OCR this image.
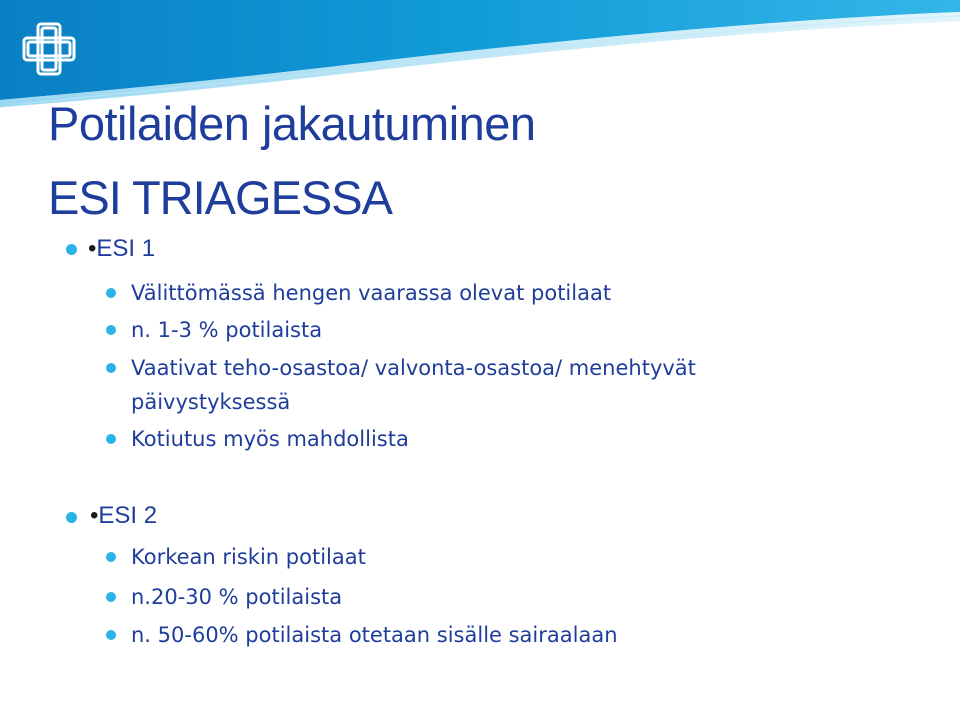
Potilaiden jakautuminen
ESI TRIAGESSA
•ESI 1
Välittömässä hengen vaarassa olevat potilaat
n. 1-3 % potilaista
Vaativat teho-osastoa/ valvonta-osastoa/ menehtyvät
päivystyksessä
Kotiutus myös mahdollista
•ESI 2
Korkean riskin potilaat
n.20-30 % potilaista
n. 50-60% potilaista otetaan sisälle sairaalaan
